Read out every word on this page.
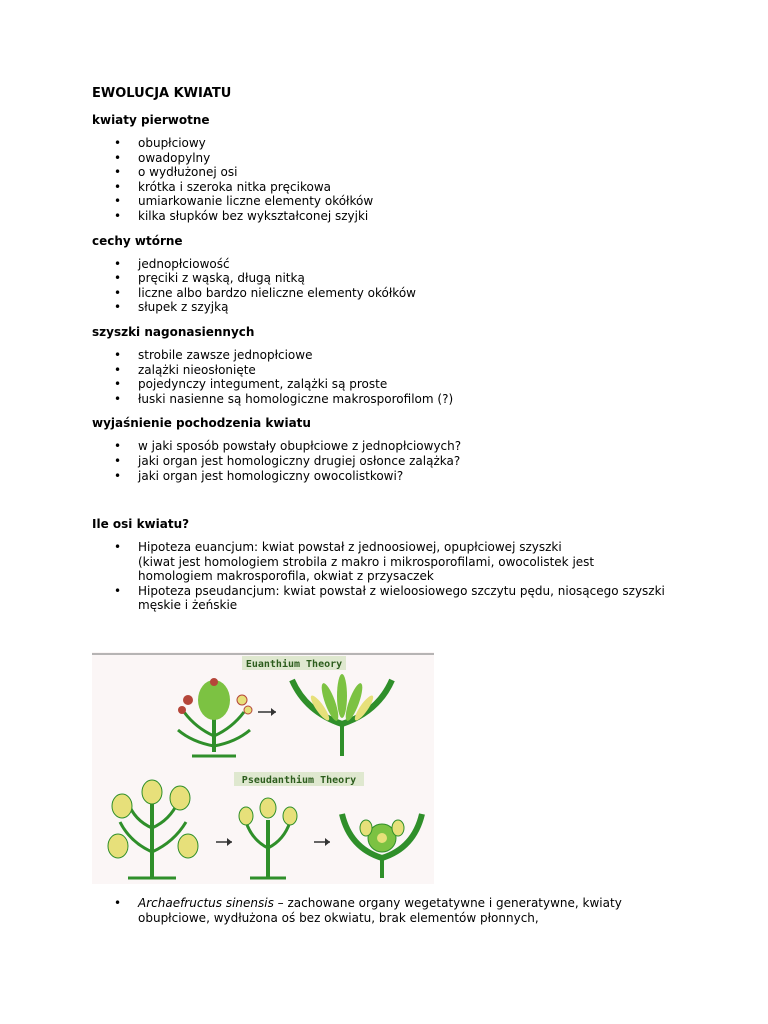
EWOLUCJA KWIATU
kwiaty pierwotne
• obupłciowy
• owadopylny
• o wydłużonej osi
• krótka i szeroka nitka pręcikowa
• umiarkowanie liczne elementy okółków
• kilka słupków bez wykształconej szyjki
cechy wtórne
• jednopłciowość
• pręciki z wąską, długą nitką
• liczne albo bardzo nieliczne elementy okółków
• słupek z szyjką
szyszki nagonasiennych
• strobile zawsze jednopłciowe
• zalążki nieosłonięte
• pojedynczy integument, zalążki są proste
• łuski nasienne są homologiczne makrosporofilom (?)
wyjaśnienie pochodzenia kwiatu
• w jaki sposób powstały obupłciowe z jednopłciowych?
• jaki organ jest homologiczny drugiej osłonce zalążka?
• jaki organ jest homologiczny owocolistkowi?
Ile osi kwiatu?
• Hipoteza euancjum: kwiat powstał z jednoosiowej, opupłciowej szyszki
(kiwat jest homologiem strobila z makro i mikrosporofilami, owocolistek jest homologiem makrosporofila, okwiat z przysaczek
• Hipoteza pseudancjum: kwiat powstał z wieloosiowego szczytu pędu, niosącego szyszki męskie i żeńskie
Euanthium Theory
Pseudanthium Theory
• Archaefructus sinensis – zachowane organy wegetatywne i generatywne, kwiaty obupłciowe, wydłużona oś bez okwiatu, brak elementów płonnych,
